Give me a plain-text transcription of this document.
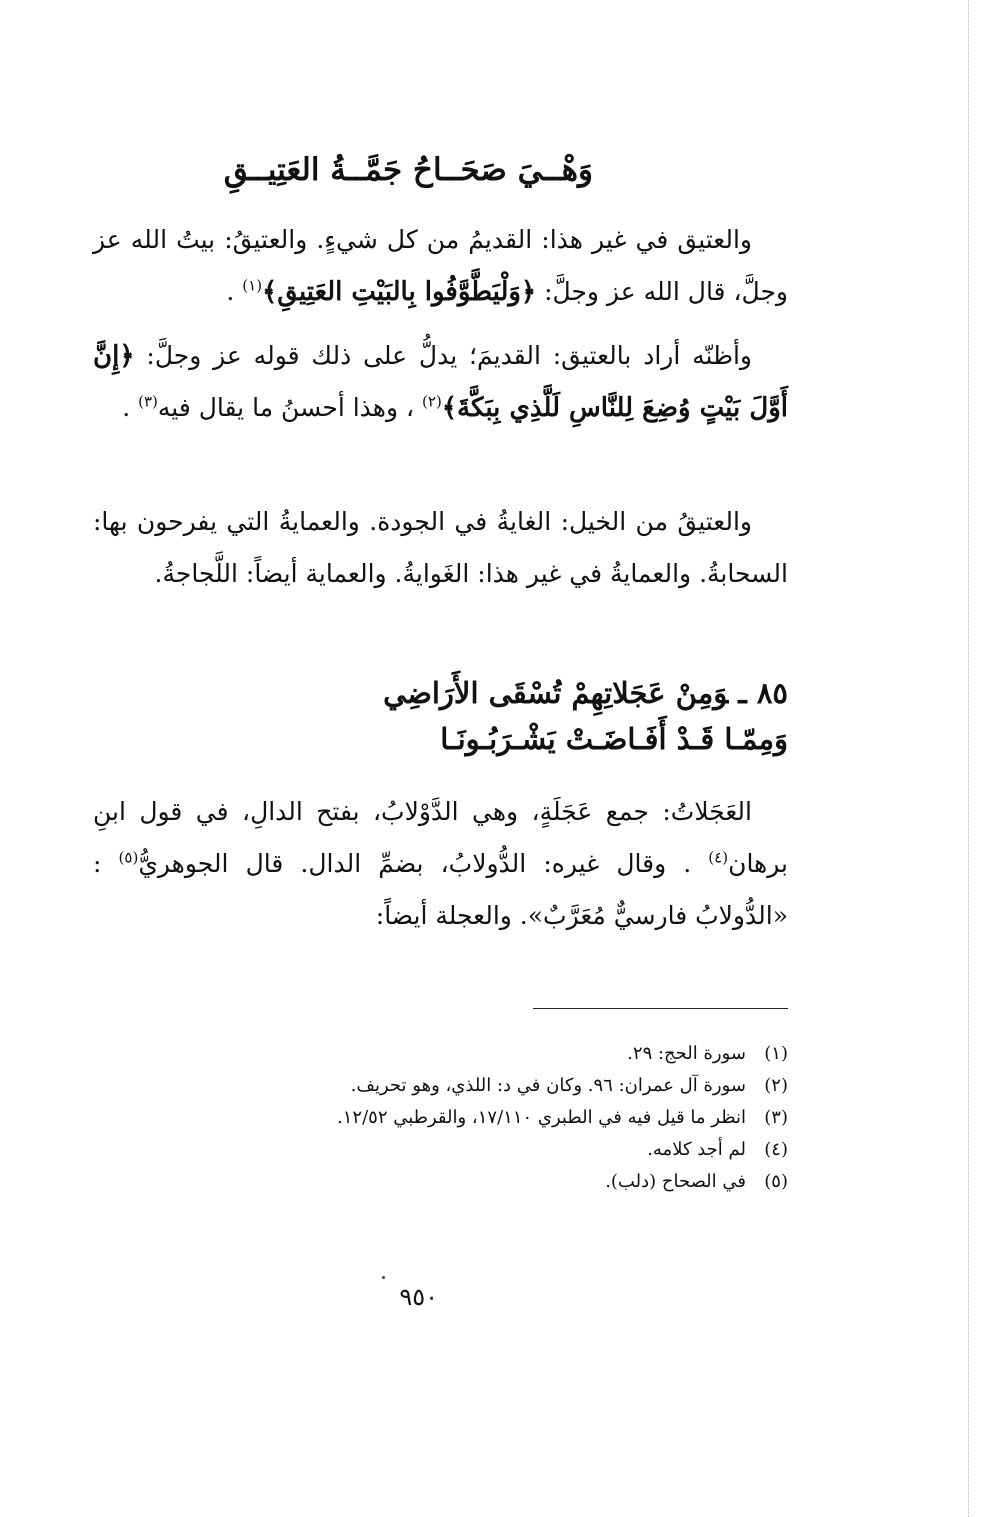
وَهْــيَ صَحَــاحُ جَمَّــةُ العَتِيــقِ

والعتيق في غير هذا: القديمُ من كل شيءٍ. والعتيقُ: بيتُ الله عز وجلَّ، قال الله عز وجلَّ: ﴿وَلْيَطَّوَّفُوا بِالبَيْتِ العَتِيقِ﴾$^{(١)}$ .

وأظنّه أراد بالعتيق: القديمَ؛ يدلُّ على ذلك قوله عز وجلَّ: ﴿إِنَّ أَوَّلَ بَيْتٍ وُضِعَ لِلنَّاسِ لَلَّذِي بِبَكَّةَ﴾$^{(٢)}$ ، وهذا أحسنُ ما يقال فيه$^{(٣)}$ .

والعتيقُ من الخيل: الغايةُ في الجودة. والعمايةُ التي يفرحون بها: السحابةُ. والعمايةُ في غير هذا: الغَوايةُ. والعماية أيضاً: اللَّجاجةُ.

٨٥ ـوَمِنْ عَجَلاتِهِمْ تُسْقَى الأَرَاضِي
وَمِمّـا قَـدْ أَفَـاضَـتْ يَشْـرَبُـونَـا

العَجَلاتُ: جمع عَجَلَةٍ، وهي الدَّوْلابُ، بفتح الدالِ، في قول ابنِ برهان$^{(٤)}$ . وقال غيره: الدُّولابُ، بضمِّ الدال. قال الجوهريُّ$^{(٥)}$ : «الدُّولابُ فارسيٌّ مُعَرَّبٌ». والعجلة أيضاً:

(١)سورة الحج: ٢٩.
(٢)سورة آل عمران: ٩٦. وكان في د: اللذي، وهو تحريف.
(٣)انظر ما قيل فيه في الطبري ١٧/١١٠، والقرطبي ١٢/٥٢.
(٤)لم أجد كلامه.
(٥)في الصحاح (دلب).
٩٥٠
